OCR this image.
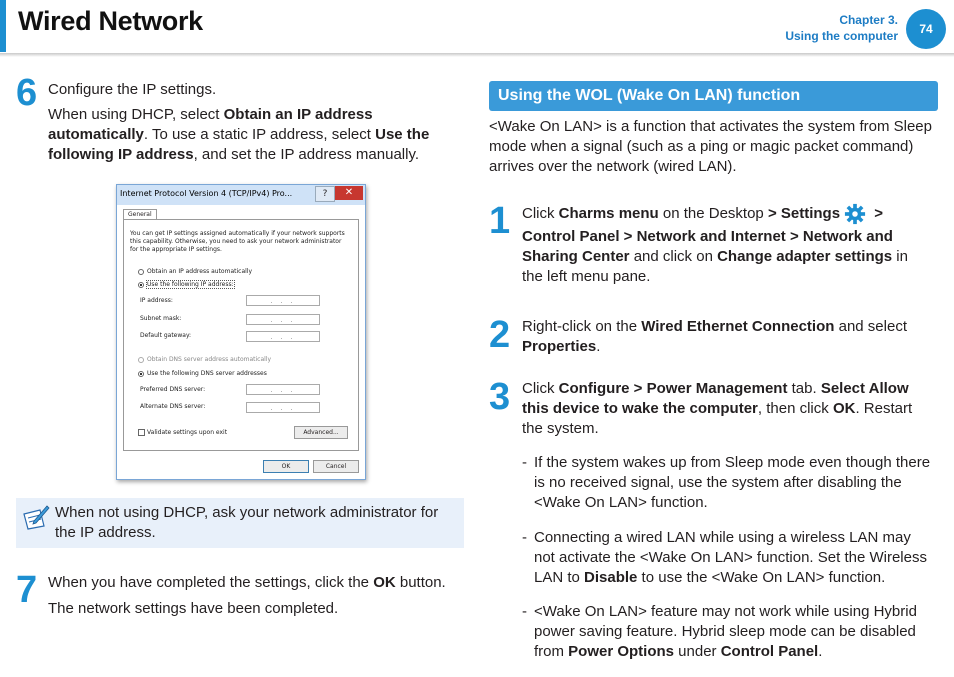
Wired Network	Chapter 3.
Using the computer	74
6 Configure the IP settings.
When using DHCP, select Obtain an IP address automatically. To use a static IP address, select Use the following IP address, and set the IP address manually.
Internet Protocol Version 4 (TCP/IPv4) Pro...	?	✕
General
You can get IP settings assigned automatically if your network supports this capability. Otherwise, you need to ask your network administrator for the appropriate IP settings.
Obtain an IP address automatically
Use the following IP address:
IP address:	. . .
Subnet mask:	. . .
Default gateway:	. . .
Obtain DNS server address automatically
Use the following DNS server addresses
Preferred DNS server:	. . .
Alternate DNS server:	. . .
Validate settings upon exit	Advanced...
OK	Cancel
When not using DHCP, ask your network administrator for the IP address.
7 When you have completed the settings, click the OK button.
The network settings have been completed.
Using the WOL (Wake On LAN) function
<Wake On LAN> is a function that activates the system from Sleep mode when a signal (such as a ping or magic packet command) arrives over the network (wired LAN).
1 Click Charms menu on the Desktop > Settings >
Control Panel > Network and Internet > Network and Sharing Center and click on Change adapter settings in the left menu pane.
2 Right-click on the Wired Ethernet Connection and select Properties.
3 Click Configure > Power Management tab. Select Allow this device to wake the computer, then click OK. Restart the system.
- If the system wakes up from Sleep mode even though there is no received signal, use the system after disabling the <Wake On LAN> function.
- Connecting a wired LAN while using a wireless LAN may not activate the <Wake On LAN> function. Set the Wireless LAN to Disable to use the <Wake On LAN> function.
- <Wake On LAN> feature may not work while using Hybrid power saving feature. Hybrid sleep mode can be disabled from Power Options under Control Panel.
